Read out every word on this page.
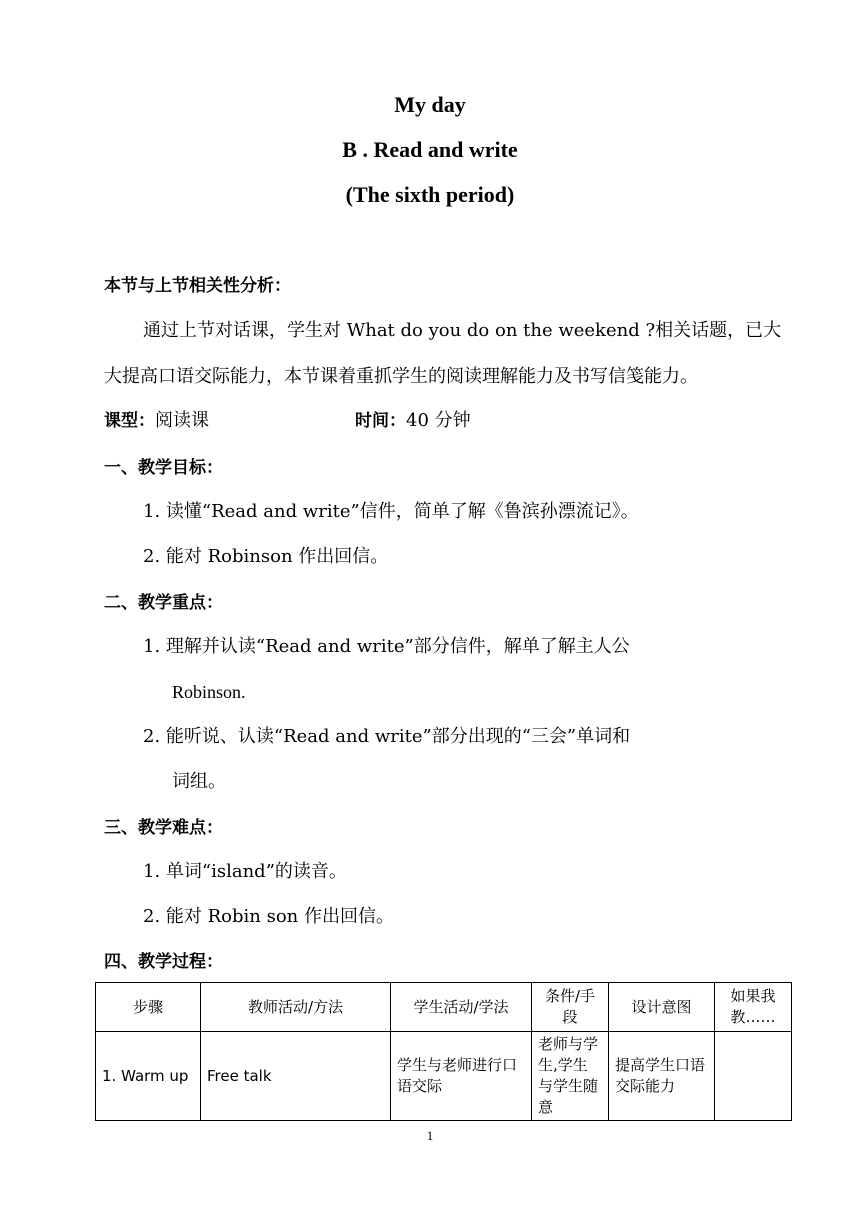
My day
B . Read and write
(The sixth period)
本节与上节相关性分析：
通过上节对话课，学生对 What do you do on the weekend ?相关话题，已大
大提高口语交际能力，本节课着重抓学生的阅读理解能力及书写信笺能力。
课型：阅读课	时间：40 分钟
一、教学目标：
1. 读懂“Read and write”信件，简单了解《鲁滨孙漂流记》。
2. 能对 Robinson 作出回信。
二、教学重点：
1. 理解并认读“Read and write”部分信件，解单了解主人公
Robinson.
2. 能听说、认读“Read and write”部分出现的“三会”单词和
词组。
三、教学难点：
1. 单词“island”的读音。
2. 能对 Robin son 作出回信。
四、教学过程：
步骤	教师活动/方法	学生活动/学法	条件/手段	设计意图	如果我教……
1. Warm up	Free talk	学生与老师进行口语交际	老师与学生,学生与学生随意	提高学生口语交际能力	
1
